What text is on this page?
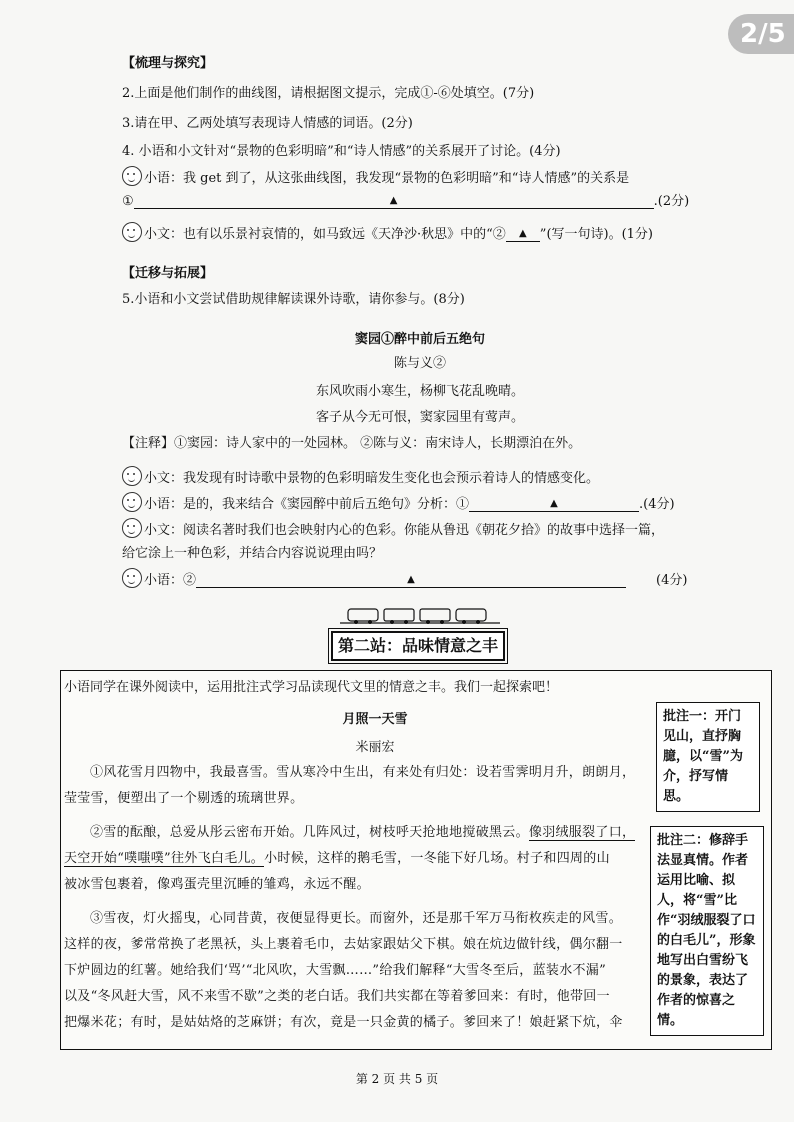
2/5
【梳理与探究】
2.上面是他们制作的曲线图，请根据图文提示，完成①-⑥处填空。(7分)
3.请在甲、乙两处填写表现诗人情感的词语。(2分)
4. 小语和小文针对“景物的色彩明暗”和“诗人情感”的关系展开了讨论。(4分)
小语：我 get 到了，从这张曲线图，我发现“景物的色彩明暗”和“诗人情感”的关系是
①	▲	.(2分)
小文：也有以乐景衬哀情的，如马致远《天净沙·秋思》中的“② ▲ ”(写一句诗)。(1分)
【迁移与拓展】
5.小语和小文尝试借助规律解读课外诗歌，请你参与。(8分)
窦园①醉中前后五绝句
陈与义②
东风吹雨小寒生，杨柳飞花乱晚晴。
客子从今无可恨，窦家园里有莺声。
【注释】①窦园：诗人家中的一处园林。 ②陈与义：南宋诗人，长期漂泊在外。
小文：我发现有时诗歌中景物的色彩明暗发生变化也会预示着诗人的情感变化。
小语：是的，我来结合《窦园醉中前后五绝句》分析：①	▲	.(4分)
小文：阅读名著时我们也会映射内心的色彩。你能从鲁迅《朝花夕拾》的故事中选择一篇，
给它涂上一种色彩，并结合内容说说理由吗？
小语：②	▲	(4分)
第二站：品味情意之丰
小语同学在课外阅读中，运用批注式学习品读现代文里的情意之丰。我们一起探索吧！
月照一天雪
米丽宏
①风花雪月四物中，我最喜雪。雪从寒冷中生出，有来处有归处：设若雪霁明月升，朗朗月，
莹莹雪，便塑出了一个剔透的琉璃世界。
②雪的酝酿，总爱从彤云密布开始。几阵风过，树枝呼天抢地地搅破黑云。像羽绒服裂了口，
天空开始“噗嗤噗”往外飞白毛儿。小时候，这样的鹅毛雪，一冬能下好几场。村子和四周的山
被冰雪包裹着，像鸡蛋壳里沉睡的雏鸡，永远不醒。
③雪夜，灯火摇曳，心同昔黄，夜便显得更长。而窗外，还是那千军万马衔枚疾走的风雪。
这样的夜，爹常常换了老黑袄，头上裹着毛巾，去姑家跟姑父下棋。娘在炕边做针线，偶尔翻一
下炉圆边的红薯。她给我们‘骂’“北风吹，大雪飘……”给我们解释“大雪冬至后，蓝装水不漏”
以及“冬风赶大雪，风不来雪不歇”之类的老白话。我们共实都在等着爹回来：有时，他带回一
把爆米花；有时，是姑姑烙的芝麻饼；有次，竟是一只金黄的橘子。爹回来了！娘赶紧下炕，伞
批注一：开门见山，直抒胸臆，以“雪”为介，抒写情思。
批注二：修辞手法显真情。作者运用比喻、拟人，将“雪”比作“羽绒服裂了口的白毛儿”，形象地写出白雪纷飞的景象，表达了作者的惊喜之情。
第 2 页 共 5 页
